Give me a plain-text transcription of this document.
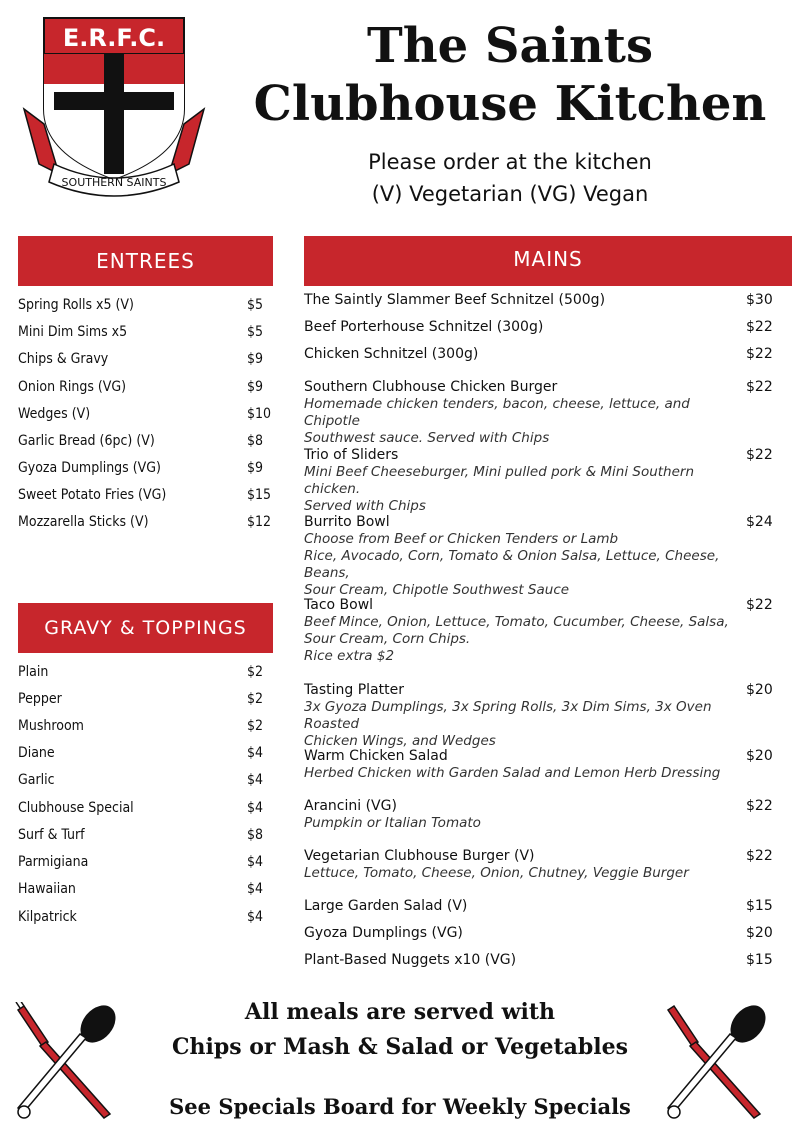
E.R.F.C.
SOUTHERN SAINTS
The Saints
Clubhouse Kitchen
Please order at the kitchen
(V) Vegetarian (VG) Vegan
ENTREES
GRAVY & TOPPINGS
MAINS
Spring Rolls x5 (V)	$5
Mini Dim Sims x5	$5
Chips & Gravy	$9
Onion Rings (VG)	$9
Wedges (V)	$10
Garlic Bread (6pc) (V)	$8
Gyoza Dumplings (VG)	$9
Sweet Potato Fries (VG)	$15
Mozzarella Sticks (V)	$12
Plain	$2
Pepper	$2
Mushroom	$2
Diane	$4
Garlic	$4
Clubhouse Special	$4
Surf & Turf	$8
Parmigiana	$4
Hawaiian	$4
Kilpatrick	$4
The Saintly Slammer Beef Schnitzel (500g)	$30
Beef Porterhouse Schnitzel (300g)	$22
Chicken Schnitzel (300g)	$22
Southern Clubhouse Chicken Burger	$22
Homemade chicken tenders, bacon, cheese, lettuce, and Chipotle
Southwest sauce. Served with Chips
Trio of Sliders	$22
Mini Beef Cheeseburger, Mini pulled pork & Mini Southern chicken.
Served with Chips
Burrito Bowl	$24
Choose from Beef or Chicken Tenders or Lamb
Rice, Avocado, Corn, Tomato & Onion Salsa, Lettuce, Cheese, Beans,
Sour Cream, Chipotle Southwest Sauce
Taco Bowl	$22
Beef Mince, Onion, Lettuce, Tomato, Cucumber, Cheese, Salsa,
Sour Cream, Corn Chips.
Rice extra $2
Tasting Platter	$20
3x Gyoza Dumplings, 3x Spring Rolls, 3x Dim Sims, 3x Oven Roasted
Chicken Wings, and Wedges
Warm Chicken Salad	$20
Herbed Chicken with Garden Salad and Lemon Herb Dressing
Arancini (VG)	$22
Pumpkin or Italian Tomato
Vegetarian Clubhouse Burger (V)	$22
Lettuce, Tomato, Cheese, Onion, Chutney, Veggie Burger
Large Garden Salad (V)	$15
Gyoza Dumplings (VG)	$20
Plant-Based Nuggets x10 (VG)	$15
All meals are served with
Chips or Mash & Salad or Vegetables
See Specials Board for Weekly Specials
